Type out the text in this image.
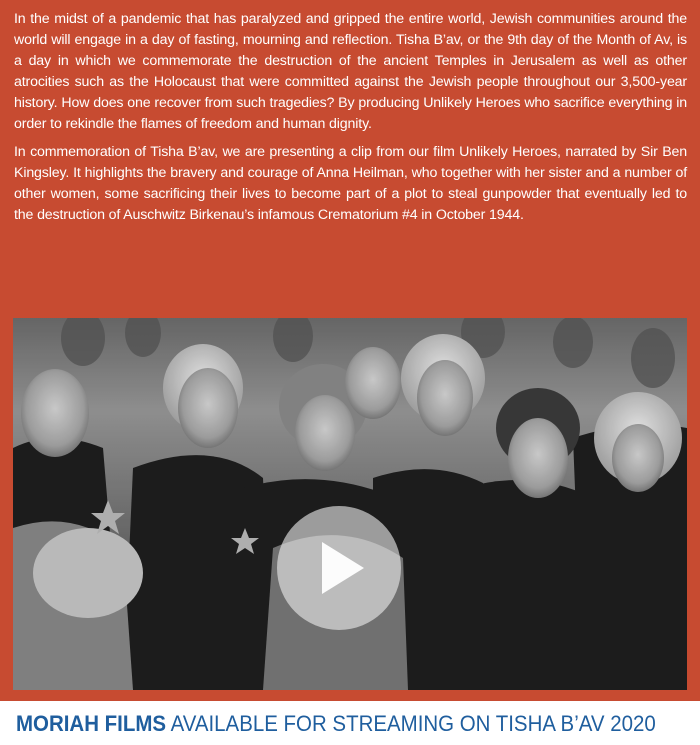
In the midst of a pandemic that has paralyzed and gripped the entire world, Jewish communities around the world will engage in a day of fasting, mourning and reflection. Tisha B’av, or the 9th day of the Month of Av, is a day in which we commemorate the destruction of the ancient Temples in Jerusalem as well as other atrocities such as the Holocaust that were committed against the Jewish people throughout our 3,500-year history. How does one recover from such tragedies? By producing Unlikely Heroes who sacrifice everything in order to rekindle the flames of freedom and human dignity.

In commemoration of Tisha B’av, we are presenting a clip from our film Unlikely Heroes, narrated by Sir Ben Kingsley. It highlights the bravery and courage of Anna Heilman, who together with her sister and a number of other women, some sacrificing their lives to become part of a plot to steal gunpowder that eventually led to the destruction of Auschwitz Birkenau’s infamous Crematorium #4 in October 1944.

MORIAH FILMS AVAILABLE FOR STREAMING ON TISHA B’AV 2020
